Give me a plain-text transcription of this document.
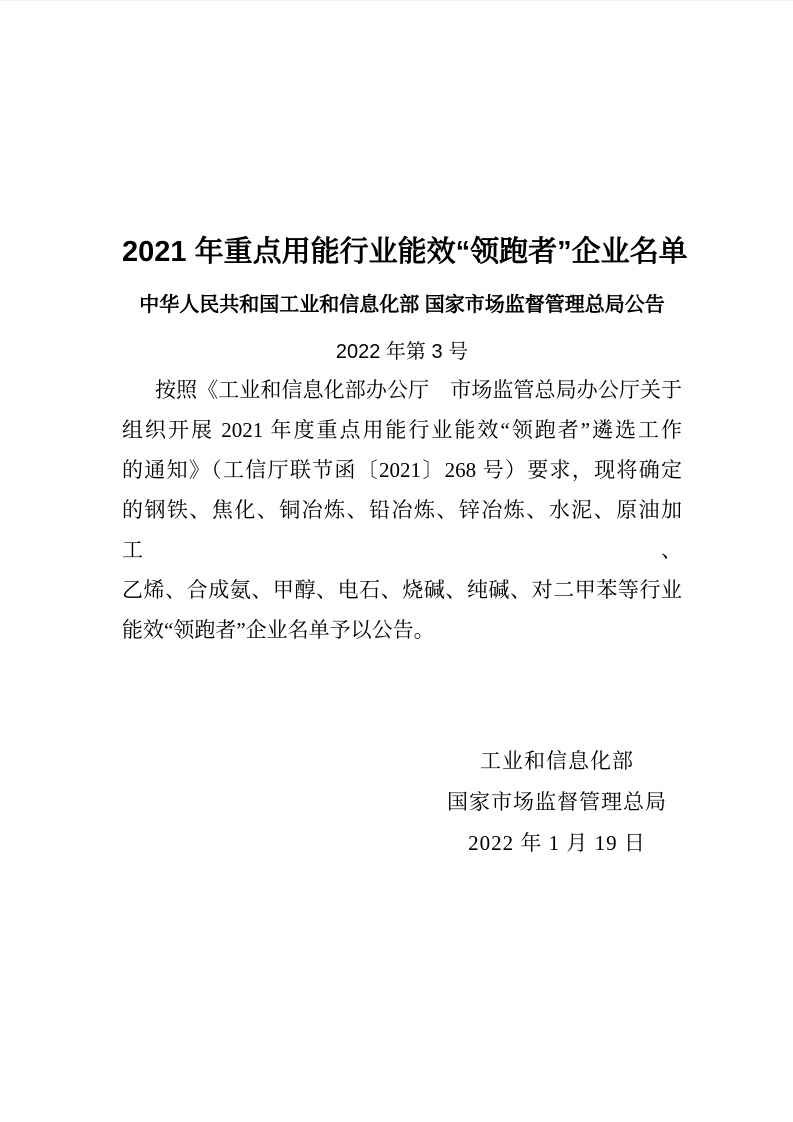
2021 年重点用能行业能效“领跑者”企业名单
中华人民共和国工业和信息化部 国家市场监督管理总局公告
2022 年第 3 号
按照《工业和信息化部办公厅　市场监管总局办公厅关于
组织开展 2021 年度重点用能行业能效“领跑者”遴选工作
的通知》（工信厅联节函〔2021〕268 号）要求，现将确定
的钢铁、焦化、铜冶炼、铅冶炼、锌冶炼、水泥、原油加工、
乙烯、合成氨、甲醇、电石、烧碱、纯碱、对二甲苯等行业
能效“领跑者”企业名单予以公告。
工业和信息化部
国家市场监督管理总局
2022 年 1 月 19 日
